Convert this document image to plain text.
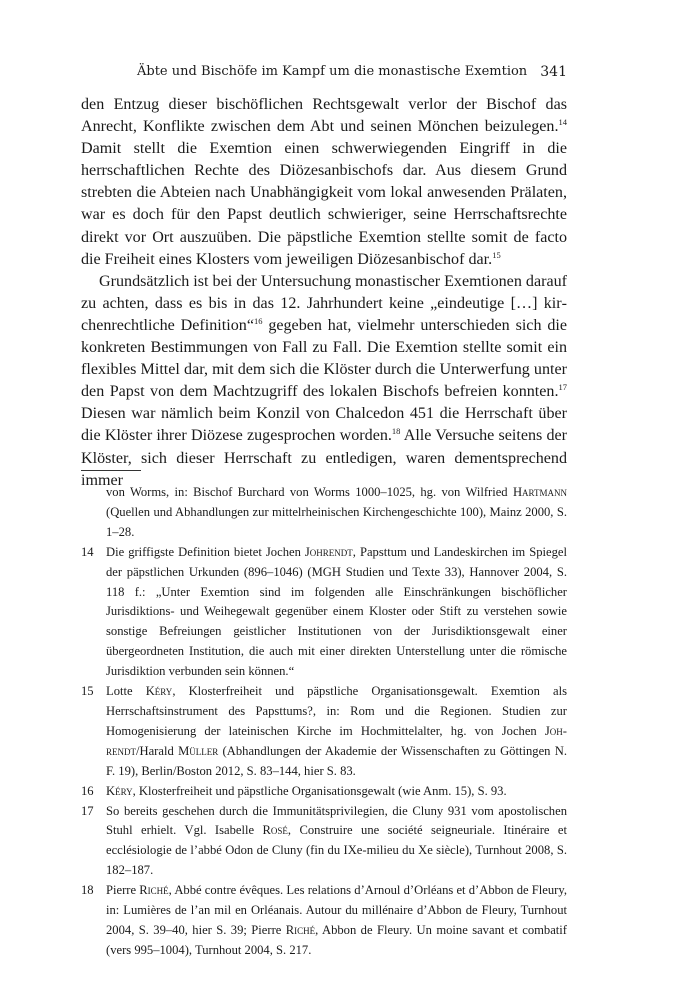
Äbte und Bischöfe im Kampf um die monastische Exemtion 341

den Entzug dieser bischöflichen Rechtsgewalt verlor der Bischof das Anrecht, Konflikte zwischen dem Abt und seinen Mönchen beizulegen.$^{14}$ Damit stellt die Exemtion einen schwerwiegenden Eingriff in die herrschaftlichen Rechte des Diözesanbischofs dar. Aus diesem Grund strebten die Abteien nach Unabhängigkeit vom lokal anwesenden Prälaten, war es doch für den Papst deutlich schwieriger, seine Herrschaftsrechte direkt vor Ort auszuüben. Die päpstliche Exemtion stellte somit de facto die Freiheit eines Klosters vom jeweiligen Diözesanbischof dar.$^{15}$

Grundsätzlich ist bei der Untersuchung monastischer Exemtionen darauf zu achten, dass es bis in das 12. Jahrhundert keine „eindeutige […] kirchenrechtliche Definition“$^{16}$ gegeben hat, vielmehr unterschieden sich die konkreten Bestimmungen von Fall zu Fall. Die Exemtion stellte somit ein flexibles Mittel dar, mit dem sich die Klöster durch die Unterwerfung unter den Papst von dem Machtzugriff des lokalen Bischofs befreien konnten.$^{17}$ Diesen war nämlich beim Konzil von Chalcedon 451 die Herrschaft über die Klöster ihrer Diözese zugesprochen worden.$^{18}$ Alle Versuche seitens der Klöster, sich dieser Herrschaft zu entledigen, waren dementsprechend immer

von Worms, in: Bischof Burchard von Worms 1000–1025, hg. von Wilfried Hartmann (Quellen und Abhandlungen zur mittelrheinischen Kirchengeschichte 100), Mainz 2000, S. 1–28.
14 Die griffigste Definition bietet Jochen Johrendt, Papsttum und Landeskirchen im Spiegel der päpstlichen Urkunden (896–1046) (MGH Studien und Texte 33), Hannover 2004, S. 118 f.: „Unter Exemtion sind im folgenden alle Einschränkungen bischöflicher Jurisdiktions- und Weihegewalt gegenüber einem Kloster oder Stift zu verstehen sowie sonstige Befreiungen geistlicher Institutionen von der Jurisdiktionsgewalt einer übergeordneten Institution, die auch mit einer direkten Unterstellung unter die römische Jurisdiktion verbunden sein können.“
15 Lotte Kéry, Klosterfreiheit und päpstliche Organisationsgewalt. Exemtion als Herrschaftsinstrument des Papsttums?, in: Rom und die Regionen. Studien zur Homogenisierung der lateinischen Kirche im Hochmittelalter, hg. von Jochen Johrendt/Harald Müller (Abhandlungen der Akademie der Wissenschaften zu Göttingen N. F. 19), Berlin/Boston 2012, S. 83–144, hier S. 83.
16 Kéry, Klosterfreiheit und päpstliche Organisationsgewalt (wie Anm. 15), S. 93.
17 So bereits geschehen durch die Immunitätsprivilegien, die Cluny 931 vom apostolischen Stuhl erhielt. Vgl. Isabelle Rosé, Construire une société seigneuriale. Itinéraire et ecclésiologie de l’abbé Odon de Cluny (fin du IXe-milieu du Xe siècle), Turnhout 2008, S. 182–187.
18 Pierre Riché, Abbé contre évêques. Les relations d’Arnoul d’Orléans et d’Abbon de Fleury, in: Lumières de l’an mil en Orléanais. Autour du millénaire d’Abbon de Fleury, Turnhout 2004, S. 39–40, hier S. 39; Pierre Riché, Abbon de Fleury. Un moine savant et combatif (vers 995–1004), Turnhout 2004, S. 217.
